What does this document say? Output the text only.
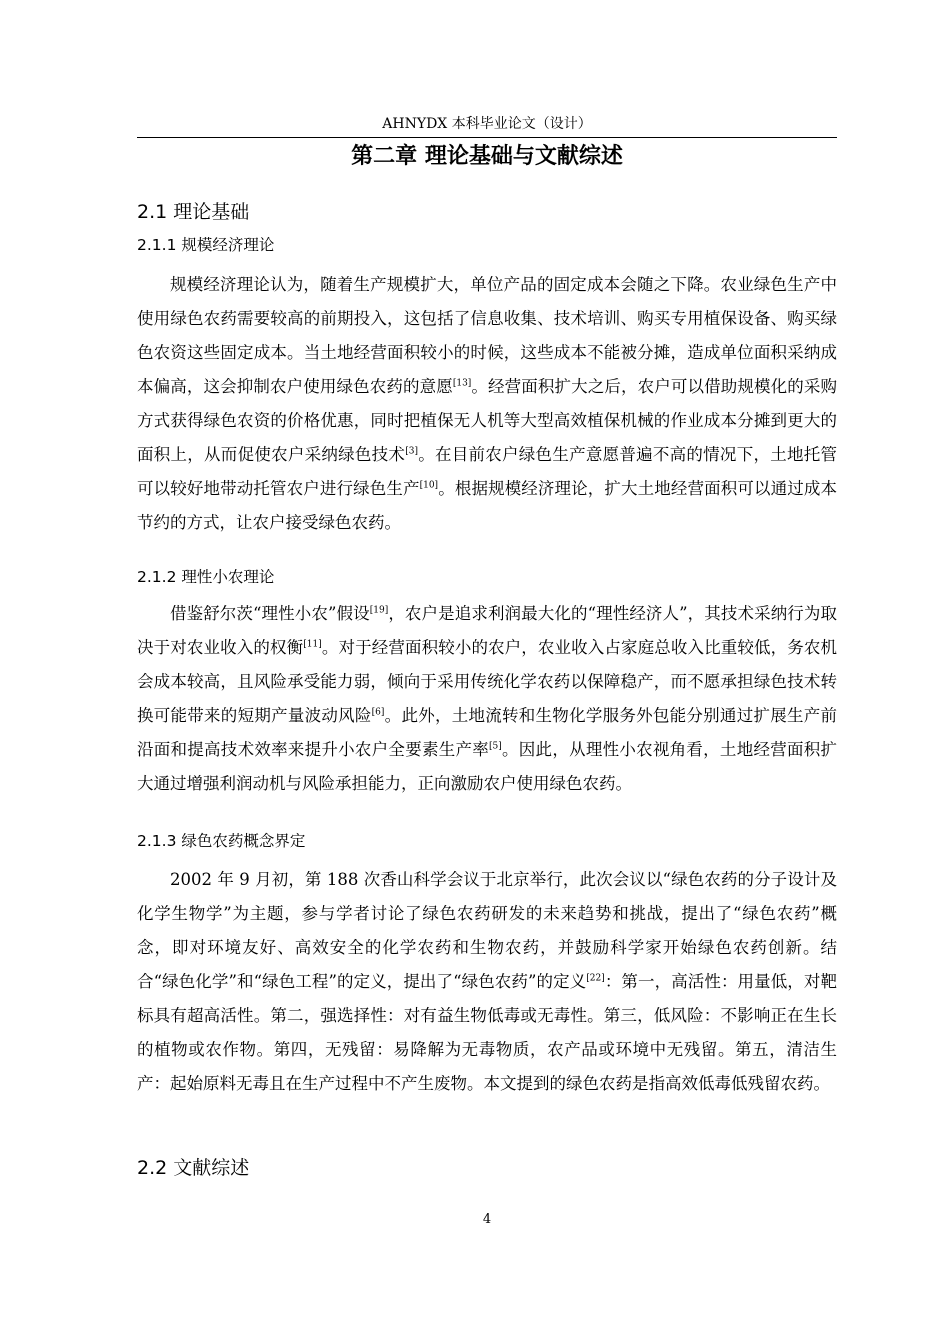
AHNYDX 本科毕业论文（设计）
第二章 理论基础与文献综述
2.1 理论基础
2.1.1 规模经济理论

规模经济理论认为，随着生产规模扩大，单位产品的固定成本会随之下降。农业绿色生产中使用绿色农药需要较高的前期投入，这包括了信息收集、技术培训、购买专用植保设备、购买绿色农资这些固定成本。当土地经营面积较小的时候，这些成本不能被分摊，造成单位面积采纳成本偏高，这会抑制农户使用绿色农药的意愿[13]。经营面积扩大之后，农户可以借助规模化的采购方式获得绿色农资的价格优惠，同时把植保无人机等大型高效植保机械的作业成本分摊到更大的面积上，从而促使农户采纳绿色技术[3]。在目前农户绿色生产意愿普遍不高的情况下，土地托管可以较好地带动托管农户进行绿色生产[10]。根据规模经济理论，扩大土地经营面积可以通过成本节约的方式，让农户接受绿色农药。

2.1.2 理性小农理论

借鉴舒尔茨“理性小农”假设[19]，农户是追求利润最大化的“理性经济人”，其技术采纳行为取决于对农业收入的权衡[11]。对于经营面积较小的农户，农业收入占家庭总收入比重较低，务农机会成本较高，且风险承受能力弱，倾向于采用传统化学农药以保障稳产，而不愿承担绿色技术转换可能带来的短期产量波动风险[6]。此外，土地流转和生物化学服务外包能分别通过扩展生产前沿面和提高技术效率来提升小农户全要素生产率[5]。因此，从理性小农视角看，土地经营面积扩大通过增强利润动机与风险承担能力，正向激励农户使用绿色农药。

2.1.3 绿色农药概念界定

2002 年 9 月初，第 188 次香山科学会议于北京举行，此次会议以“绿色农药的分子设计及化学生物学”为主题，参与学者讨论了绿色农药研发的未来趋势和挑战，提出了“绿色农药”概念，即对环境友好、高效安全的化学农药和生物农药，并鼓励科学家开始绿色农药创新。结合“绿色化学”和“绿色工程”的定义，提出了“绿色农药”的定义[22]：第一，高活性：用量低，对靶标具有超高活性。第二，强选择性：对有益生物低毒或无毒性。第三，低风险：不影响正在生长的植物或农作物。第四，无残留：易降解为无毒物质，农产品或环境中无残留。第五，清洁生产：起始原料无毒且在生产过程中不产生废物。本文提到的绿色农药是指高效低毒低残留农药。

2.2 文献综述
4
